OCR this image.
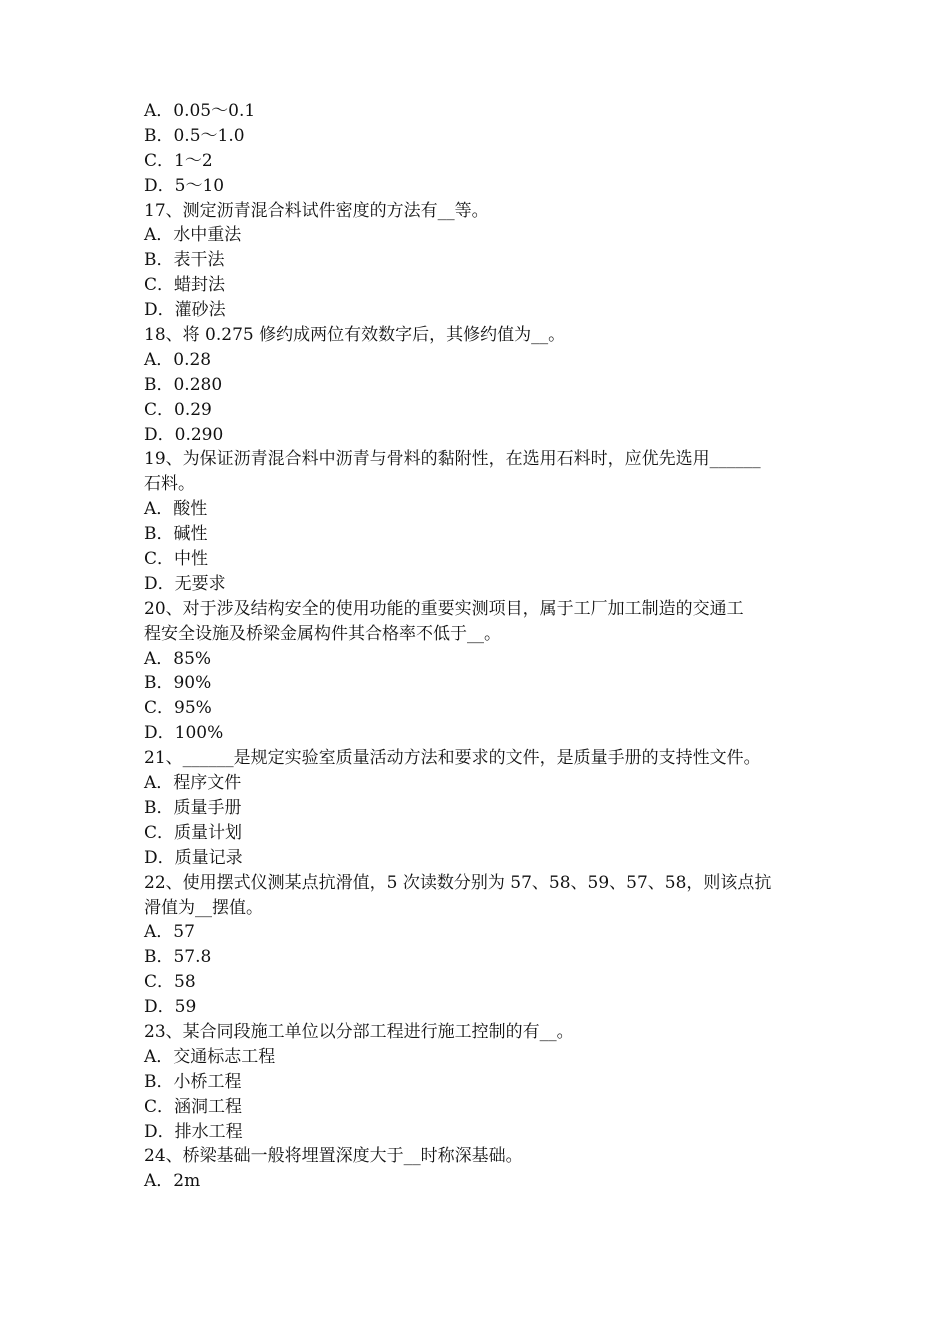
A．0.05～0.1
B．0.5～1.0
C．1～2
D．5～10
17、测定沥青混合料试件密度的方法有__等。
A．水中重法
B．表干法
C．蜡封法
D．灌砂法
18、将 0.275 修约成两位有效数字后，其修约值为__。
A．0.28
B．0.280
C．0.29
D．0.290
19、为保证沥青混合料中沥青与骨料的黏附性，在选用石料时，应优先选用______
石料。
A．酸性
B．碱性
C．中性
D．无要求
20、对于涉及结构安全的使用功能的重要实测项目，属于工厂加工制造的交通工
程安全设施及桥梁金属构件其合格率不低于__。
A．85%
B．90%
C．95%
D．100%
21、______是规定实验室质量活动方法和要求的文件，是质量手册的支持性文件。
A．程序文件
B．质量手册
C．质量计划
D．质量记录
22、使用摆式仪测某点抗滑值，5 次读数分别为 57、58、59、57、58，则该点抗
滑值为__摆值。
A．57
B．57.8
C．58
D．59
23、某合同段施工单位以分部工程进行施工控制的有__。
A．交通标志工程
B．小桥工程
C．涵洞工程
D．排水工程
24、桥梁基础一般将埋置深度大于__时称深基础。
A．2m
